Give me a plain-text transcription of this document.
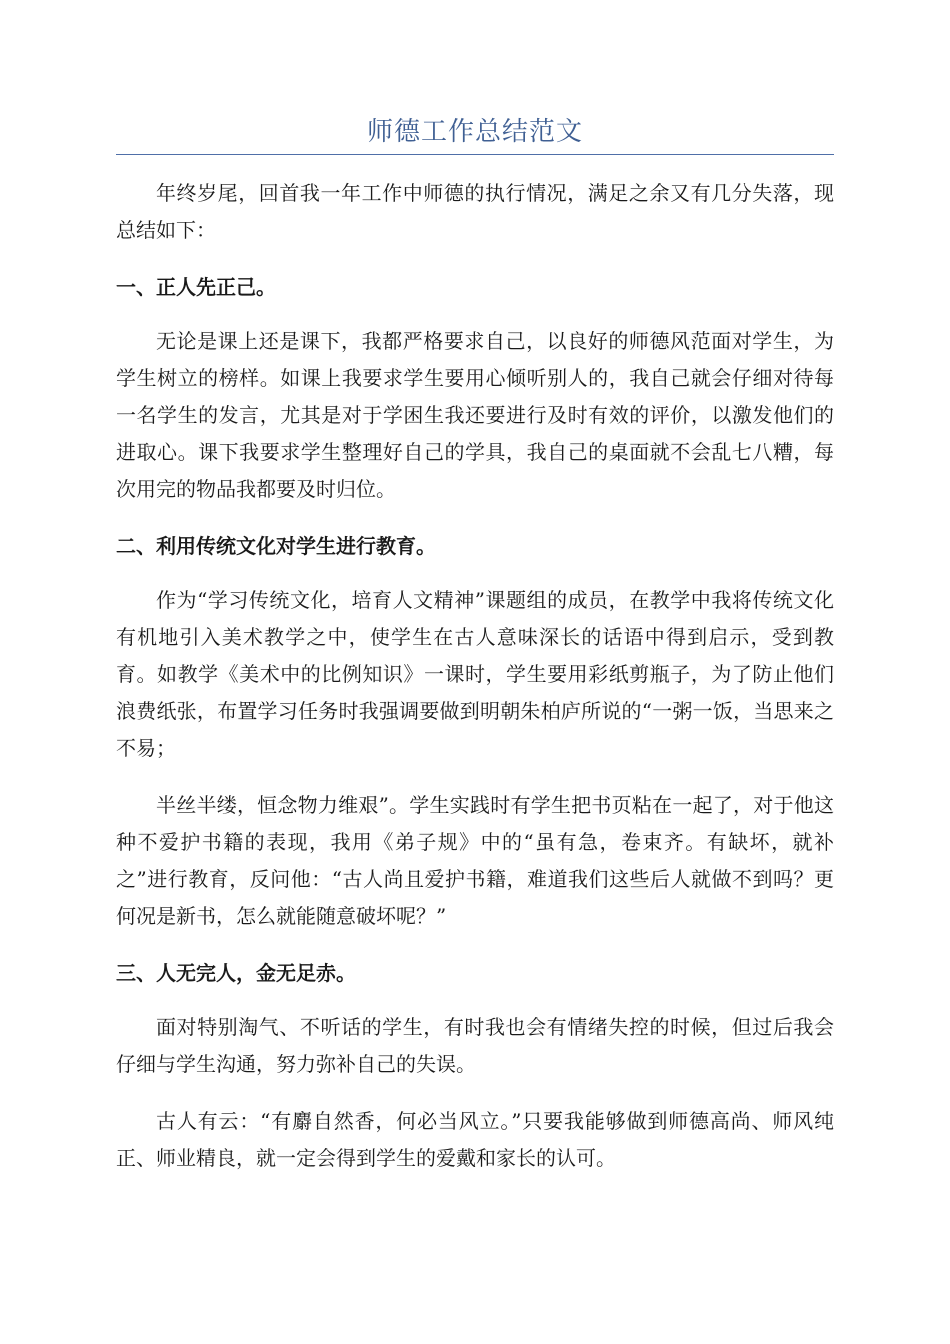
师德工作总结范文

年终岁尾，回首我一年工作中师德的执行情况，满足之余又有几分失落，现总结如下：

一、正人先正己。

无论是课上还是课下，我都严格要求自己，以良好的师德风范面对学生，为学生树立的榜样。如课上我要求学生要用心倾听别人的，我自己就会仔细对待每一名学生的发言，尤其是对于学困生我还要进行及时有效的评价，以激发他们的进取心。课下我要求学生整理好自己的学具，我自己的桌面就不会乱七八糟，每次用完的物品我都要及时归位。

二、利用传统文化对学生进行教育。

作为“学习传统文化，培育人文精神”课题组的成员，在教学中我将传统文化有机地引入美术教学之中，使学生在古人意味深长的话语中得到启示，受到教育。如教学《美术中的比例知识》一课时，学生要用彩纸剪瓶子，为了防止他们浪费纸张，布置学习任务时我强调要做到明朝朱柏庐所说的“一粥一饭，当思来之不易；

半丝半缕，恒念物力维艰”。学生实践时有学生把书页粘在一起了，对于他这种不爱护书籍的表现，我用《弟子规》中的“虽有急，卷束齐。有缺坏，就补之”进行教育，反问他：“古人尚且爱护书籍，难道我们这些后人就做不到吗？更何况是新书，怎么就能随意破坏呢？”

三、人无完人，金无足赤。

面对特别淘气、不听话的学生，有时我也会有情绪失控的时候，但过后我会仔细与学生沟通，努力弥补自己的失误。

古人有云：“有麝自然香，何必当风立。”只要我能够做到师德高尚、师风纯正、师业精良，就一定会得到学生的爱戴和家长的认可。
